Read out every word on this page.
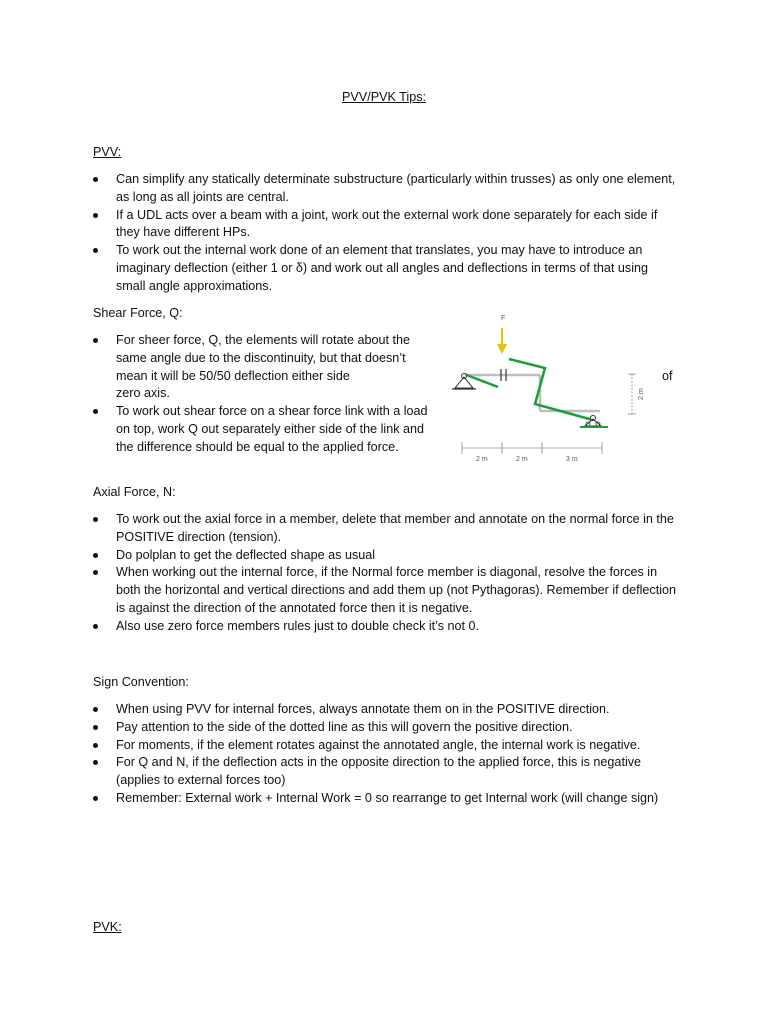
PVV/PVK Tips:
PVV:
Can simplify any statically determinate substructure (particularly within trusses) as only one element, as long as all joints are central.
If a UDL acts over a beam with a joint, work out the external work done separately for each side if they have different HPs.
To work out the internal work done of an element that translates, you may have to introduce an imaginary deflection (either 1 or δ) and work out all angles and deflections in terms of that using small angle approximations.
Shear Force, Q:
For sheer force, Q, the elements will rotate about the same angle due to the discontinuity, but that doesn’t mean it will be 50/50 deflection either side
zero axis.
To work out shear force on a shear force link with a load on top, work Q out separately either side of the link and the difference should be equal to the applied force.
of
F
2 m
2 m	2 m	3 m
Axial Force, N:
To work out the axial force in a member, delete that member and annotate on the normal force in the POSITIVE direction (tension).
Do polplan to get the deflected shape as usual
When working out the internal force, if the Normal force member is diagonal, resolve the forces in both the horizontal and vertical directions and add them up (not Pythagoras). Remember if deflection is against the direction of the annotated force then it is negative.
Also use zero force members rules just to double check it’s not 0.
Sign Convention:
When using PVV for internal forces, always annotate them on in the POSITIVE direction.
Pay attention to the side of the dotted line as this will govern the positive direction.
For moments, if the element rotates against the annotated angle, the internal work is negative.
For Q and N, if the deflection acts in the opposite direction to the applied force, this is negative (applies to external forces too)
Remember: External work + Internal Work = 0 so rearrange to get Internal work (will change sign)
PVK:
